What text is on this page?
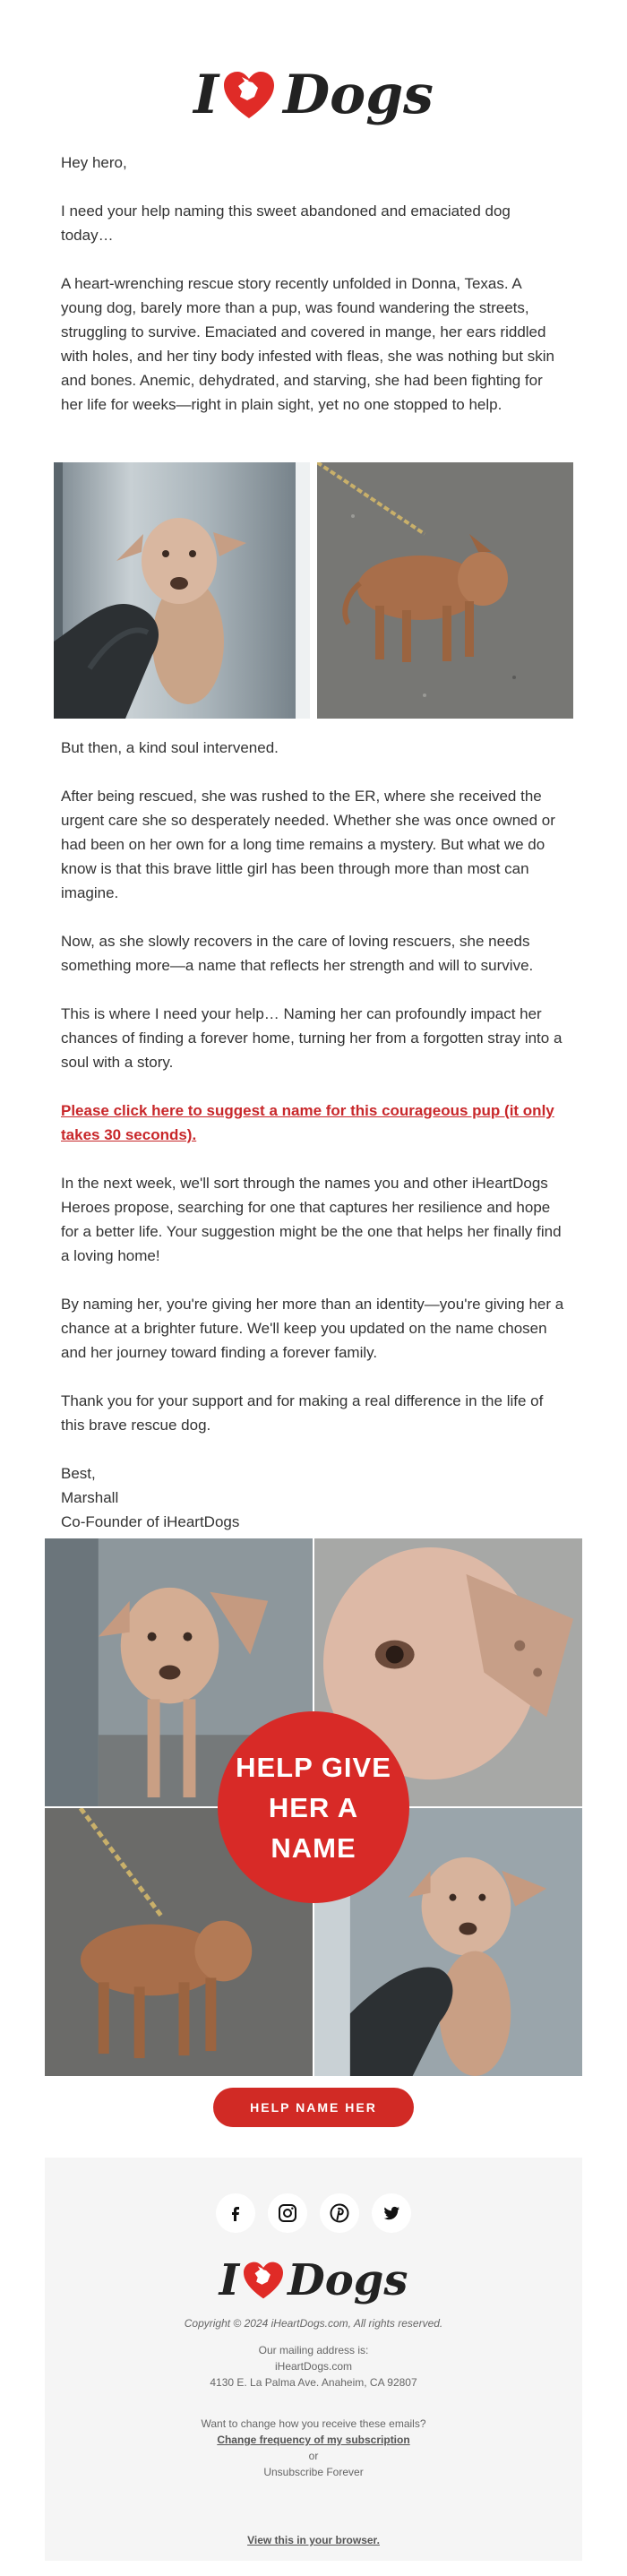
I Dogs

Hey hero,

I need your help naming this sweet abandoned and emaciated dog today…

A heart-wrenching rescue story recently unfolded in Donna, Texas. A young dog, barely more than a pup, was found wandering the streets, struggling to survive. Emaciated and covered in mange, her ears riddled with holes, and her tiny body infested with fleas, she was nothing but skin and bones. Anemic, dehydrated, and starving, she had been fighting for her life for weeks—right in plain sight, yet no one stopped to help.

But then, a kind soul intervened.

After being rescued, she was rushed to the ER, where she received the urgent care she so desperately needed. Whether she was once owned or had been on her own for a long time remains a mystery. But what we do know is that this brave little girl has been through more than most can imagine.

Now, as she slowly recovers in the care of loving rescuers, she needs something more—a name that reflects her strength and will to survive.

This is where I need your help… Naming her can profoundly impact her chances of finding a forever home, turning her from a forgotten stray into a soul with a story.

Please click here to suggest a name for this courageous pup (it only takes 30 seconds).

In the next week, we'll sort through the names you and other iHeartDogs Heroes propose, searching for one that captures her resilience and hope for a better life. Your suggestion might be the one that helps her finally find a loving home!

By naming her, you're giving her more than an identity—you're giving her a chance at a brighter future. We'll keep you updated on the name chosen and her journey toward finding a forever family.

Thank you for your support and for making a real difference in the life of this brave rescue dog.

Best,

Marshall

Co-Founder of iHeartDogs

HELP GIVE
HER A
NAME
HELP NAME HER
I Dogs
Copyright © 2024 iHeartDogs.com, All rights reserved.
Our mailing address is:
iHeartDogs.com
4130 E. La Palma Ave. Anaheim, CA 92807
Want to change how you receive these emails?
Change frequency of my subscription
or
Unsubscribe Forever
View this in your browser.
